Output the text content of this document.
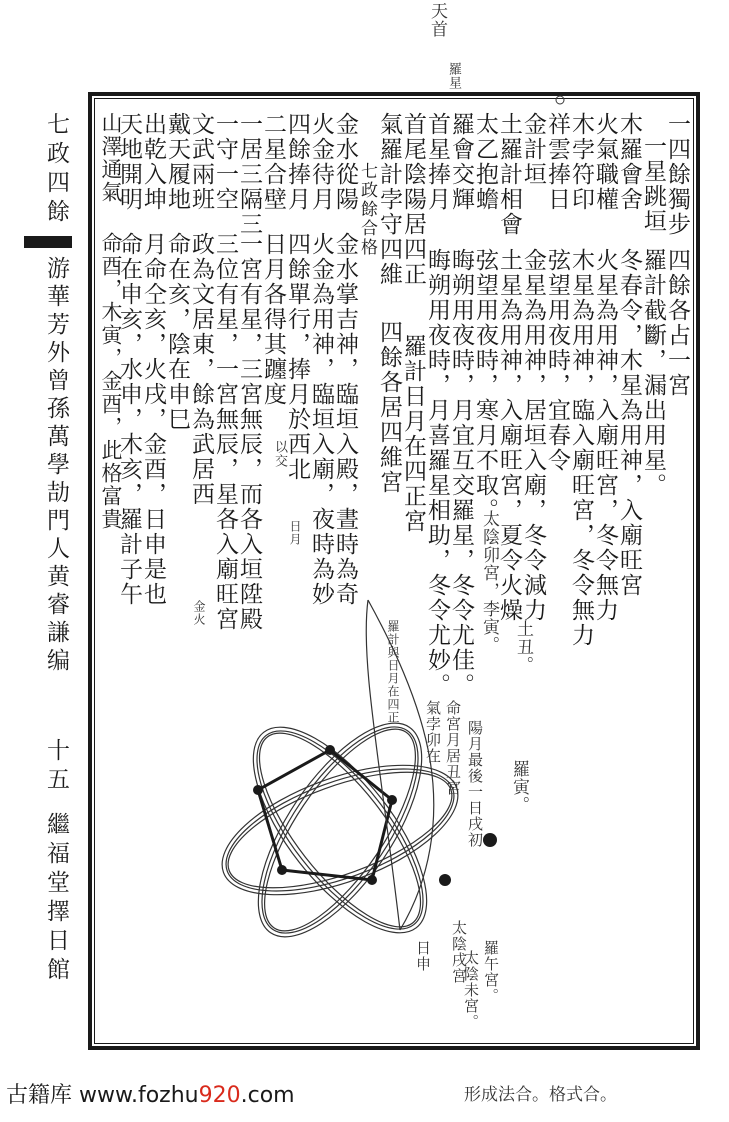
七政四餘
游華芳外曾孫萬學劼門人黄睿謙编
十五
繼福堂擇日館
一四餘獨步
一星跳垣
木羅會舍
火氣職權
木孛符印
祥雲捧日
金計垣
土羅計相會
太乙抱蟾
羅會交輝
首星捧月
首尾陰陽居四正
氣羅計孛守四維
四餘各占一宮
羅計截斷，漏出用星。
冬春令，木星為用神，入廟旺宮
火星為用神，入廟旺宮，冬令無力
木星為用神，臨入廟旺宮，冬令無力
弦望用夜時，宜春令
金星為用神，居垣入廟，冬令減力
土星為用神，入廟旺宮，夏令火燥
弦望用夜時，寒月不取。
晦朔用夜時，月宜互交羅星，冬令尤佳。
晦朔用夜時，月喜羅星相助，冬令尤妙。
羅計日月在四正宮
四餘各居四維宮
七政餘合格
金水從陽
金水掌吉神，臨垣入殿，晝時為奇
火金待月
火金為用神，臨垣入廟，夜時為妙
四餘捧月
四餘單行，捧月於西北
二星合壁
日月各得其躔度
一居三隔三
一宮有星，三宮無辰，而各入垣陞殿
一守一空
三位有星，一宮無辰，星各入廟旺宮
文武兩班
政為文居東，餘為武居西
戴天履地
命在亥，陰在申巳
出乾入坤
月命仝亥，火戌，金酉，日申是也
天地開明
命在申亥，水申，木亥，羅計子午
山澤通氣
命酉，木寅，金酉，此格富貴
天首
羅星
太陰卯宮，李寅。 土丑。
羅寅。
羅計與日月在四正
命宮月居丑宮
氣孛卯在 陽月最後一日戌初
太陰戌宮 羅午宮。
太陰未宮。
日申
以交
日月
金火
形成法合。格式合。
古籍库 www.fozhu920.com
